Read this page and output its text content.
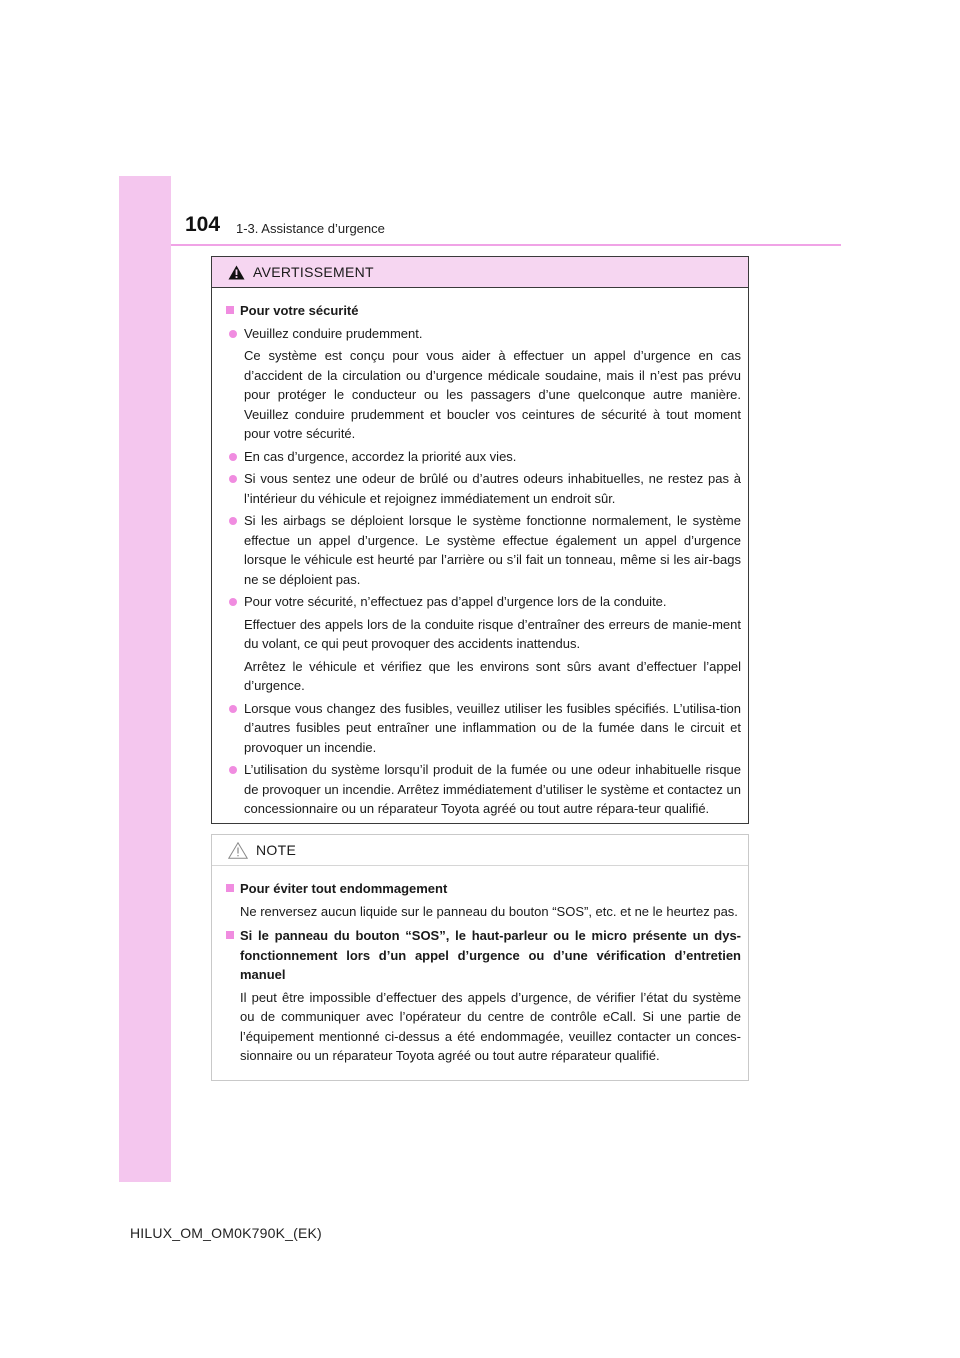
104 1-3. Assistance d’urgence
AVERTISSEMENT
Pour votre sécurité
Veuillez conduire prudemment.
Ce système est conçu pour vous aider à effectuer un appel d’urgence en cas d’accident de la circulation ou d’urgence médicale soudaine, mais il n’est pas prévu pour protéger le conducteur ou les passagers d’une quelconque autre manière. Veuillez conduire prudemment et boucler vos ceintures de sécurité à tout moment pour votre sécurité.
En cas d’urgence, accordez la priorité aux vies.
Si vous sentez une odeur de brûlé ou d’autres odeurs inhabituelles, ne restez pas à l’intérieur du véhicule et rejoignez immédiatement un endroit sûr.
Si les airbags se déploient lorsque le système fonctionne normalement, le système effectue un appel d’urgence. Le système effectue également un appel d’urgence lorsque le véhicule est heurté par l’arrière ou s’il fait un tonneau, même si les air-bags ne se déploient pas.
Pour votre sécurité, n’effectuez pas d’appel d’urgence lors de la conduite.
Effectuer des appels lors de la conduite risque d’entraîner des erreurs de manie-ment du volant, ce qui peut provoquer des accidents inattendus.
Arrêtez le véhicule et vérifiez que les environs sont sûrs avant d’effectuer l’appel d’urgence.
Lorsque vous changez des fusibles, veuillez utiliser les fusibles spécifiés. L’utilisa-tion d’autres fusibles peut entraîner une inflammation ou de la fumée dans le circuit et provoquer un incendie.
L’utilisation du système lorsqu’il produit de la fumée ou une odeur inhabituelle risque de provoquer un incendie. Arrêtez immédiatement d’utiliser le système et contactez un concessionnaire ou un réparateur Toyota agréé ou tout autre répara-teur qualifié.
NOTE
Pour éviter tout endommagement
Ne renversez aucun liquide sur le panneau du bouton “SOS”, etc. et ne le heurtez pas.
Si le panneau du bouton “SOS”, le haut-parleur ou le micro présente un dys-fonctionnement lors d’un appel d’urgence ou d’une vérification d’entretien manuel
Il peut être impossible d’effectuer des appels d’urgence, de vérifier l’état du système ou de communiquer avec l’opérateur du centre de contrôle eCall. Si une partie de l’équipement mentionné ci-dessus a été endommagée, veuillez contacter un conces-sionnaire ou un réparateur Toyota agréé ou tout autre réparateur qualifié.
HILUX_OM_OM0K790K_(EK)
